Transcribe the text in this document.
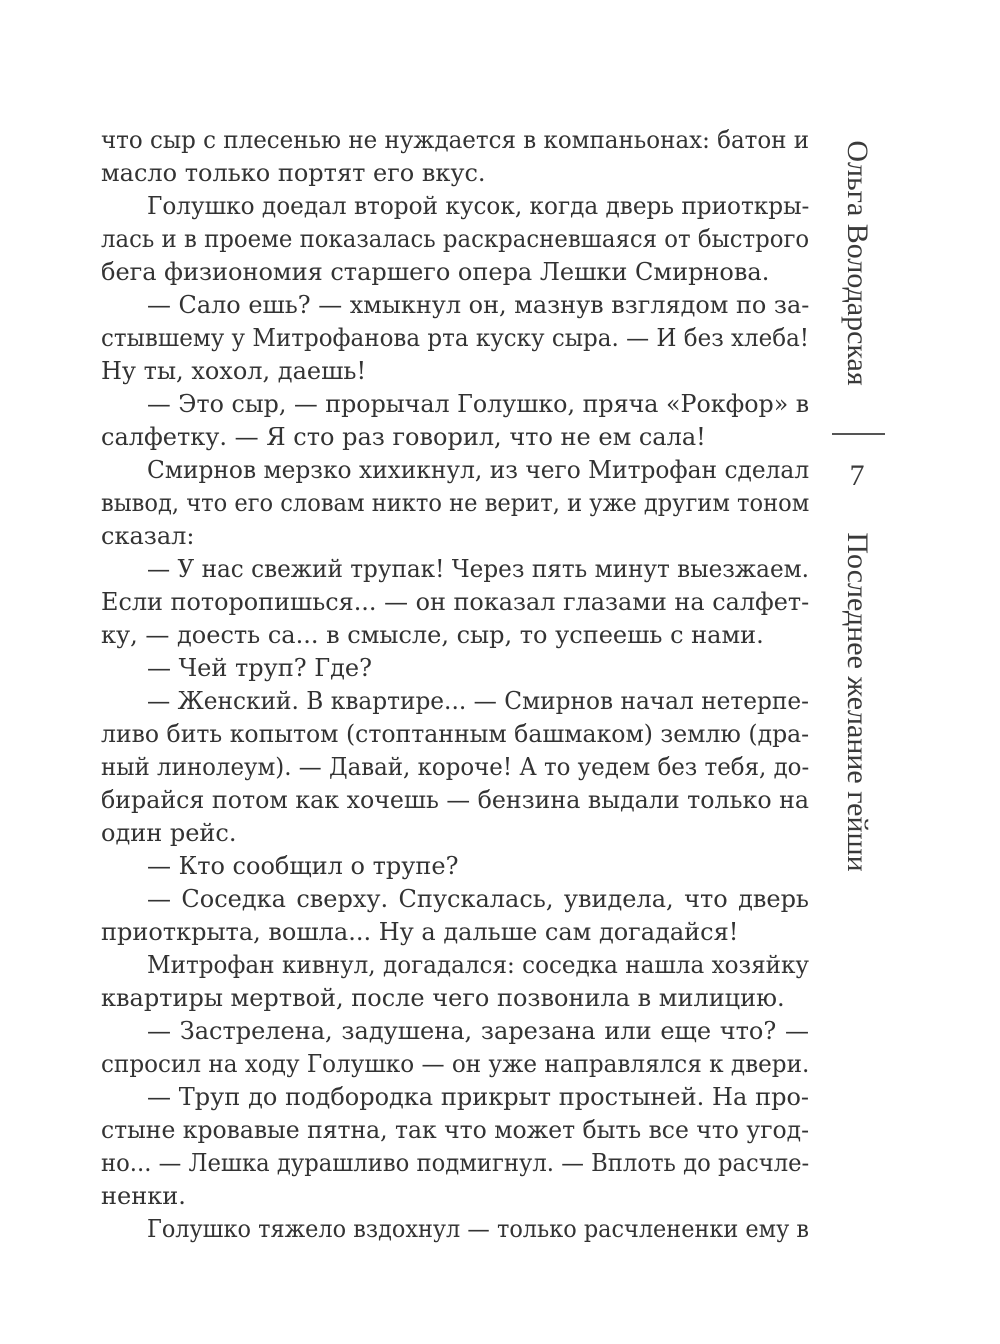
что сыр с плесенью не нуждается в компаньонах: батон и
масло только портят его вкус.
Голушко доедал второй кусок, когда дверь приоткры-
лась и в проеме показалась раскрасневшаяся от быстрого
бега физиономия старшего опера Лешки Смирнова.
— Сало ешь? — хмыкнул он, мазнув взглядом по за-
стывшему у Митрофанова рта куску сыра. — И без хлеба!
Ну ты, хохол, даешь!
— Это сыр, — прорычал Голушко, пряча «Рокфор» в
салфетку. — Я сто раз говорил, что не ем сала!
Смирнов мерзко хихикнул, из чего Митрофан сделал
вывод, что его словам никто не верит, и уже другим тоном
сказал:
— У нас свежий трупак! Через пять минут выезжаем.
Если поторопишься... — он показал глазами на салфет-
ку, — доесть са... в смысле, сыр, то успеешь с нами.
— Чей труп? Где?
— Женский. В квартире... — Смирнов начал нетерпе-
ливо бить копытом (стоптанным башмаком) землю (дра-
ный линолеум). — Давай, короче! А то уедем без тебя, до-
бирайся потом как хочешь — бензина выдали только на
один рейс.
— Кто сообщил о трупе?
— Соседка сверху. Спускалась, увидела, что дверь
приоткрыта, вошла... Ну а дальше сам догадайся!
Митрофан кивнул, догадался: соседка нашла хозяйку
квартиры мертвой, после чего позвонила в милицию.
— Застрелена, задушена, зарезана или еще что? —
спросил на ходу Голушко — он уже направлялся к двери.
— Труп до подбородка прикрыт простыней. На про-
стыне кровавые пятна, так что может быть все что угод-
но... — Лешка дурашливо подмигнул. — Вплоть до расчле-
ненки.
Голушко тяжело вздохнул — только расчлененки ему в
Ольга Володарская
7
Последнее желание гейши
